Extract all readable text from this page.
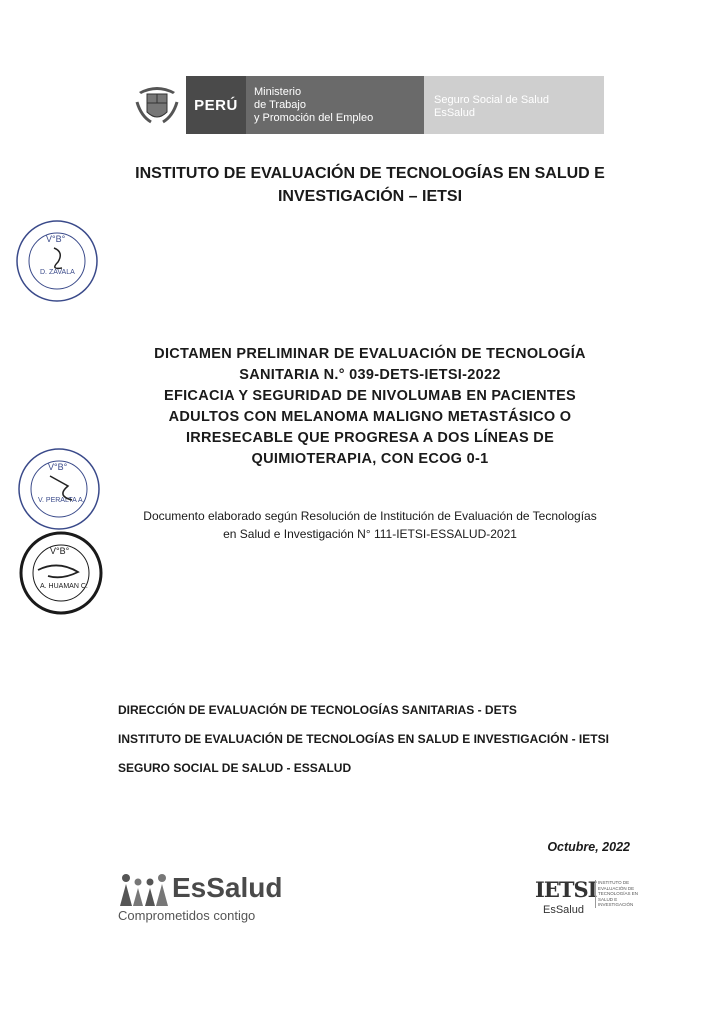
PERÚ
Ministerio
de Trabajo
y Promoción del Empleo
Seguro Social de Salud
EsSalud
INSTITUTO DE EVALUACIÓN DE TECNOLOGÍAS EN SALUD E
INVESTIGACIÓN – IETSI
V°B°
D. ZAVALA
DICTAMEN PRELIMINAR DE EVALUACIÓN DE TECNOLOGÍA
SANITARIA N.° 039-DETS-IETSI-2022
EFICACIA Y SEGURIDAD DE NIVOLUMAB EN PACIENTES
ADULTOS CON MELANOMA MALIGNO METASTÁSICO O
IRRESECABLE QUE PROGRESA A DOS LÍNEAS DE
QUIMIOTERAPIA, CON ECOG 0-1
V°B°
V. PERALTA A.
V°B°
A. HUAMAN C.
Documento elaborado según Resolución de Institución de Evaluación de Tecnologías
en Salud e Investigación N° 111-IETSI-ESSALUD-2021

DIRECCIÓN DE EVALUACIÓN DE TECNOLOGÍAS SANITARIAS - DETS

INSTITUTO DE EVALUACIÓN DE TECNOLOGÍAS EN SALUD E INVESTIGACIÓN - IETSI

SEGURO SOCIAL DE SALUD - ESSALUD

Octubre, 2022
EsSalud
Comprometidos contigo
IETSI
EsSalud
INSTITUTO DE EVALUACIÓN DE TECNOLOGÍAS EN SALUD E INVESTIGACIÓN
